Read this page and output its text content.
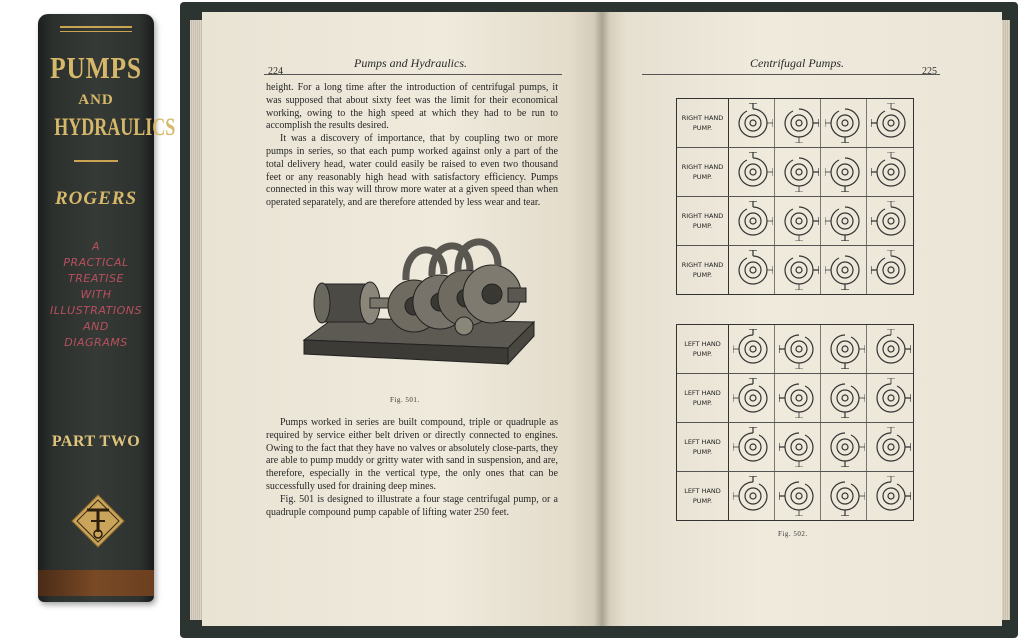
PUMPS
AND
HYDRAULICS
ROGERS
A
PRACTICAL
TREATISE
WITH
ILLUSTRATIONS
AND
DIAGRAMS
PART TWO
224
Pumps and Hydraulics.

height. For a long time after the introduction of centrifugal pumps, it was supposed that about sixty feet was the limit for their economical working, owing to the high speed at which they had to be run to accomplish the results desired.

It was a discovery of importance, that by coupling two or more pumps in series, so that each pump worked against only a part of the total delivery head, water could easily be raised to even two thousand feet or any reasonably high head with satisfactory efficiency. Pumps connected in this way will throw more water at a given speed than when operated separately, and are therefore attended by less wear and tear.

Fig. 501.

Pumps worked in series are built compound, triple or quadruple as required by service either belt driven or directly connected to engines. Owing to the fact that they have no valves or absolutely close-parts, they are able to pump muddy or gritty water with sand in suspension, and are, therefore, especially in the vertical type, the only ones that can be successfully used for draining deep mines.

Fig. 501 is designed to illustrate a four stage centrifugal pump, or a quadruple compound pump capable of lifting water 250 feet.

Centrifugal Pumps.
225
RIGHT HAND
PUMP.
RIGHT HAND
PUMP.
RIGHT HAND
PUMP.
RIGHT HAND
PUMP.
LEFT HAND
PUMP.
LEFT HAND
PUMP.
LEFT HAND
PUMP.
LEFT HAND
PUMP.
Fig. 502.
